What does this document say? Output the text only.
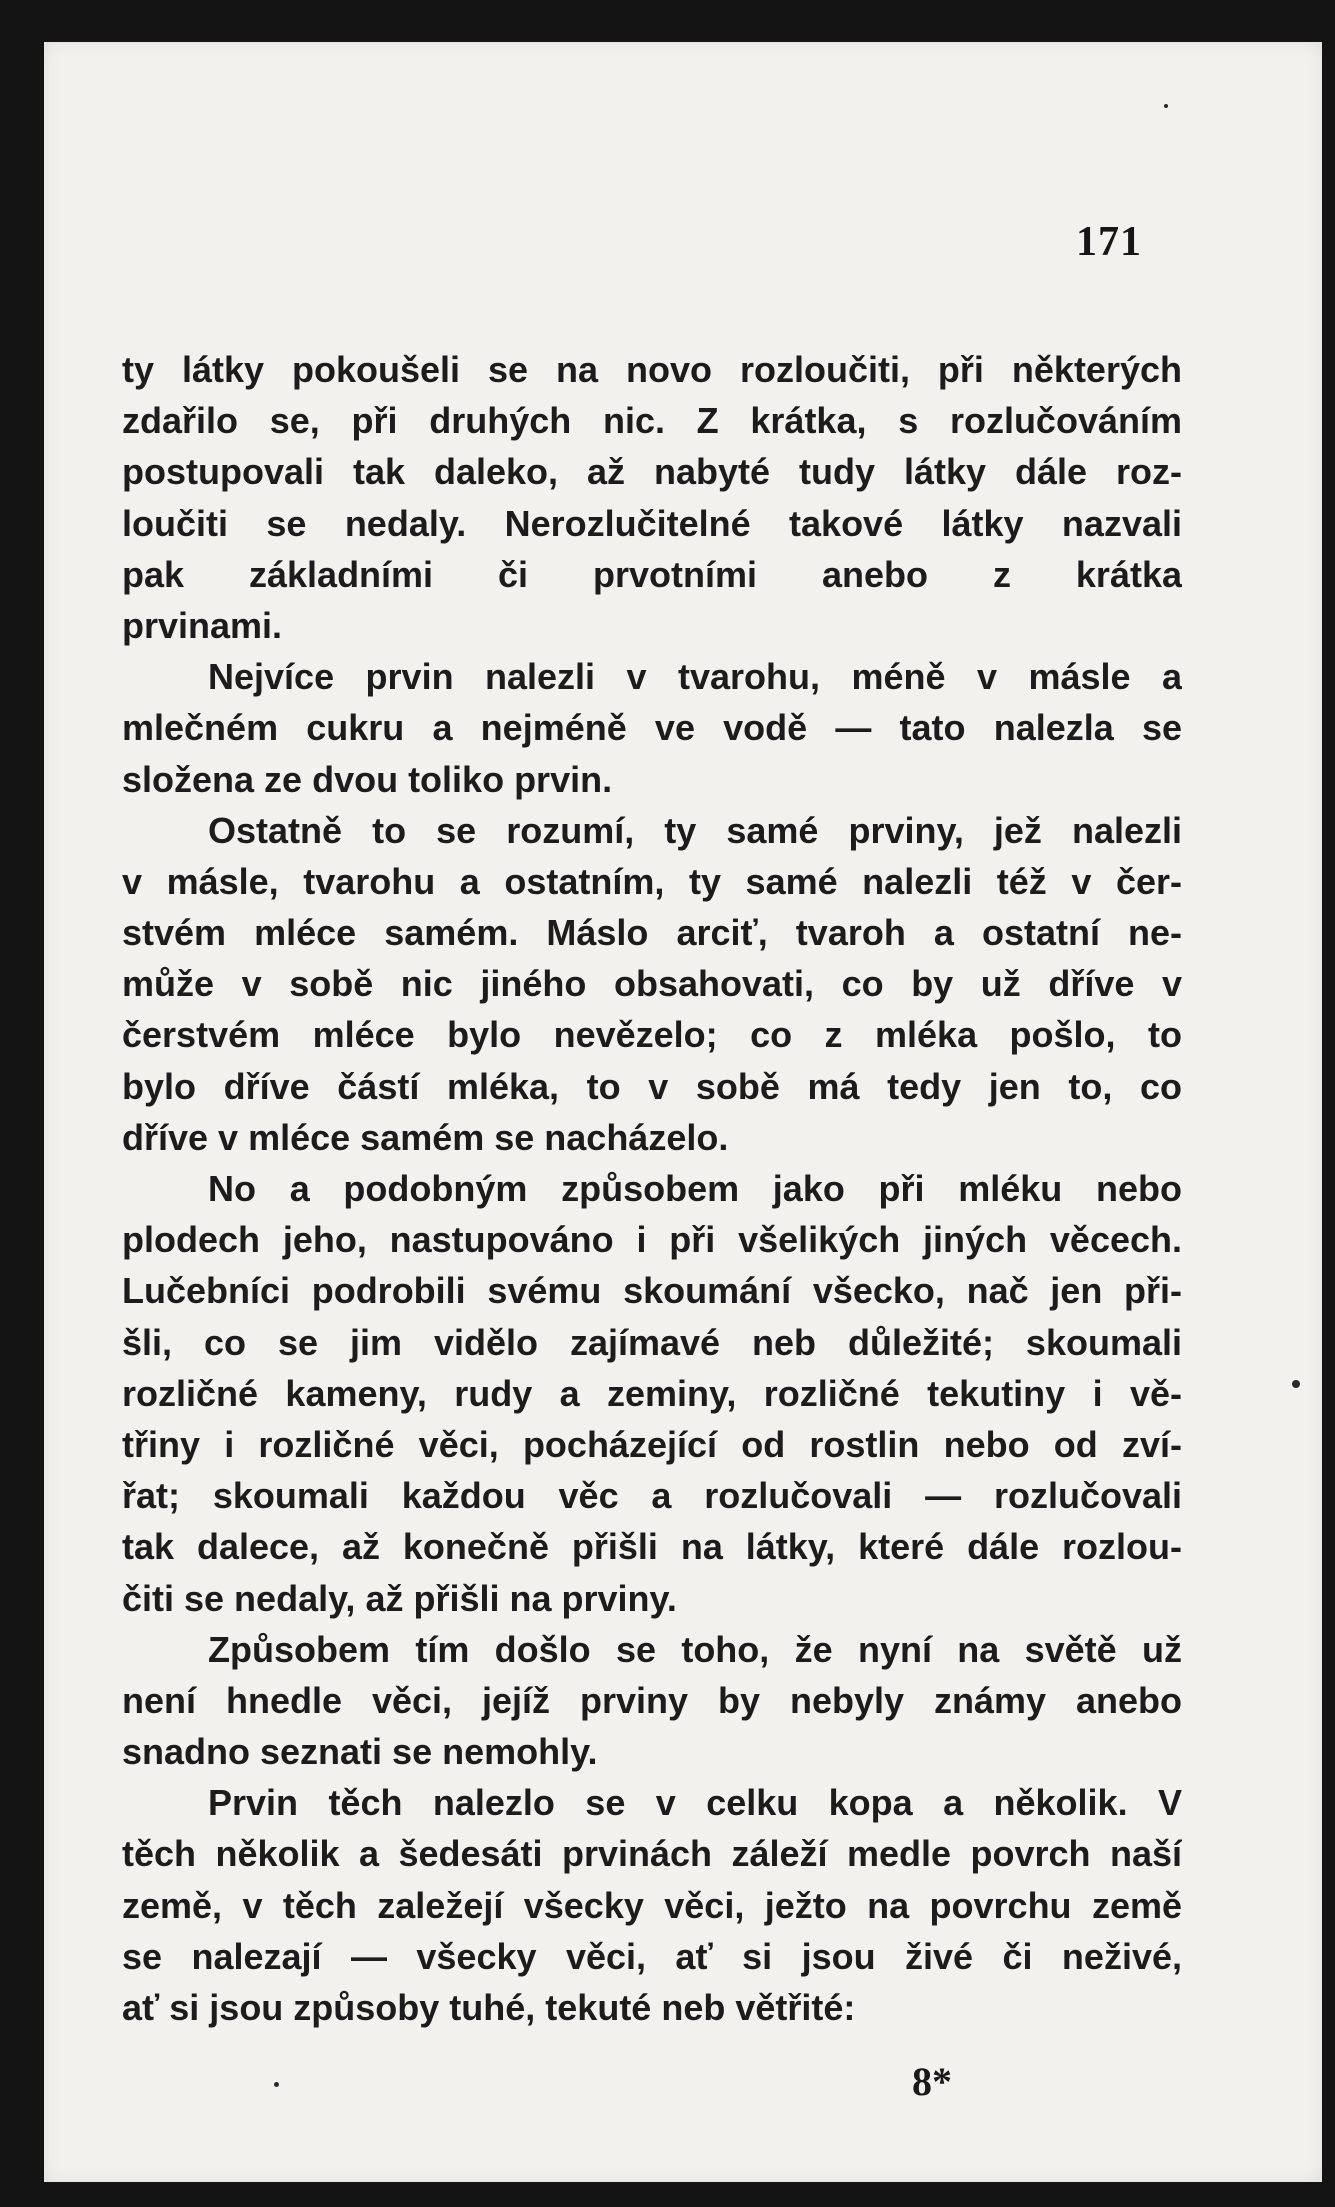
171
ty látky pokoušeli se na novo rozloučiti, při některých
zdařilo se, při druhých nic. Z krátka, s rozlučováním
postupovali tak daleko, až nabyté tudy látky dále roz-
loučiti se nedaly. Nerozlučitelné takové látky nazvali
pak základními či prvotními anebo z krátka
prvinami.
Nejvíce prvin nalezli v tvarohu, méně v másle a
mlečném cukru a nejméně ve vodě — tato nalezla se
složena ze dvou toliko prvin.
Ostatně to se rozumí, ty samé prviny, jež nalezli
v másle, tvarohu a ostatním, ty samé nalezli též v čer-
stvém mléce samém. Máslo arciť, tvaroh a ostatní ne-
může v sobě nic jiného obsahovati, co by už dříve v
čerstvém mléce bylo nevězelo; co z mléka pošlo, to
bylo dříve částí mléka, to v sobě má tedy jen to, co
dříve v mléce samém se nacházelo.
No a podobným způsobem jako při mléku nebo
plodech jeho, nastupováno i při všelikých jiných věcech.
Lučebníci podrobili svému skoumání všecko, nač jen při-
šli, co se jim vidělo zajímavé neb důležité; skoumali
rozličné kameny, rudy a zeminy, rozličné tekutiny i vě-
třiny i rozličné věci, pocházející od rostlin nebo od zví-
řat; skoumali každou věc a rozlučovali — rozlučovali
tak dalece, až konečně přišli na látky, které dále rozlou-
čiti se nedaly, až přišli na prviny.
Způsobem tím došlo se toho, že nyní na světě už
není hnedle věci, jejíž prviny by nebyly známy anebo
snadno seznati se nemohly.
Prvin těch nalezlo se v celku kopa a několik. V
těch několik a šedesáti prvinách záleží medle povrch naší
země, v těch zaležejí všecky věci, ježto na povrchu země
se nalezají — všecky věci, ať si jsou živé či neživé,
ať si jsou způsoby tuhé, tekuté neb větřité:
8*
